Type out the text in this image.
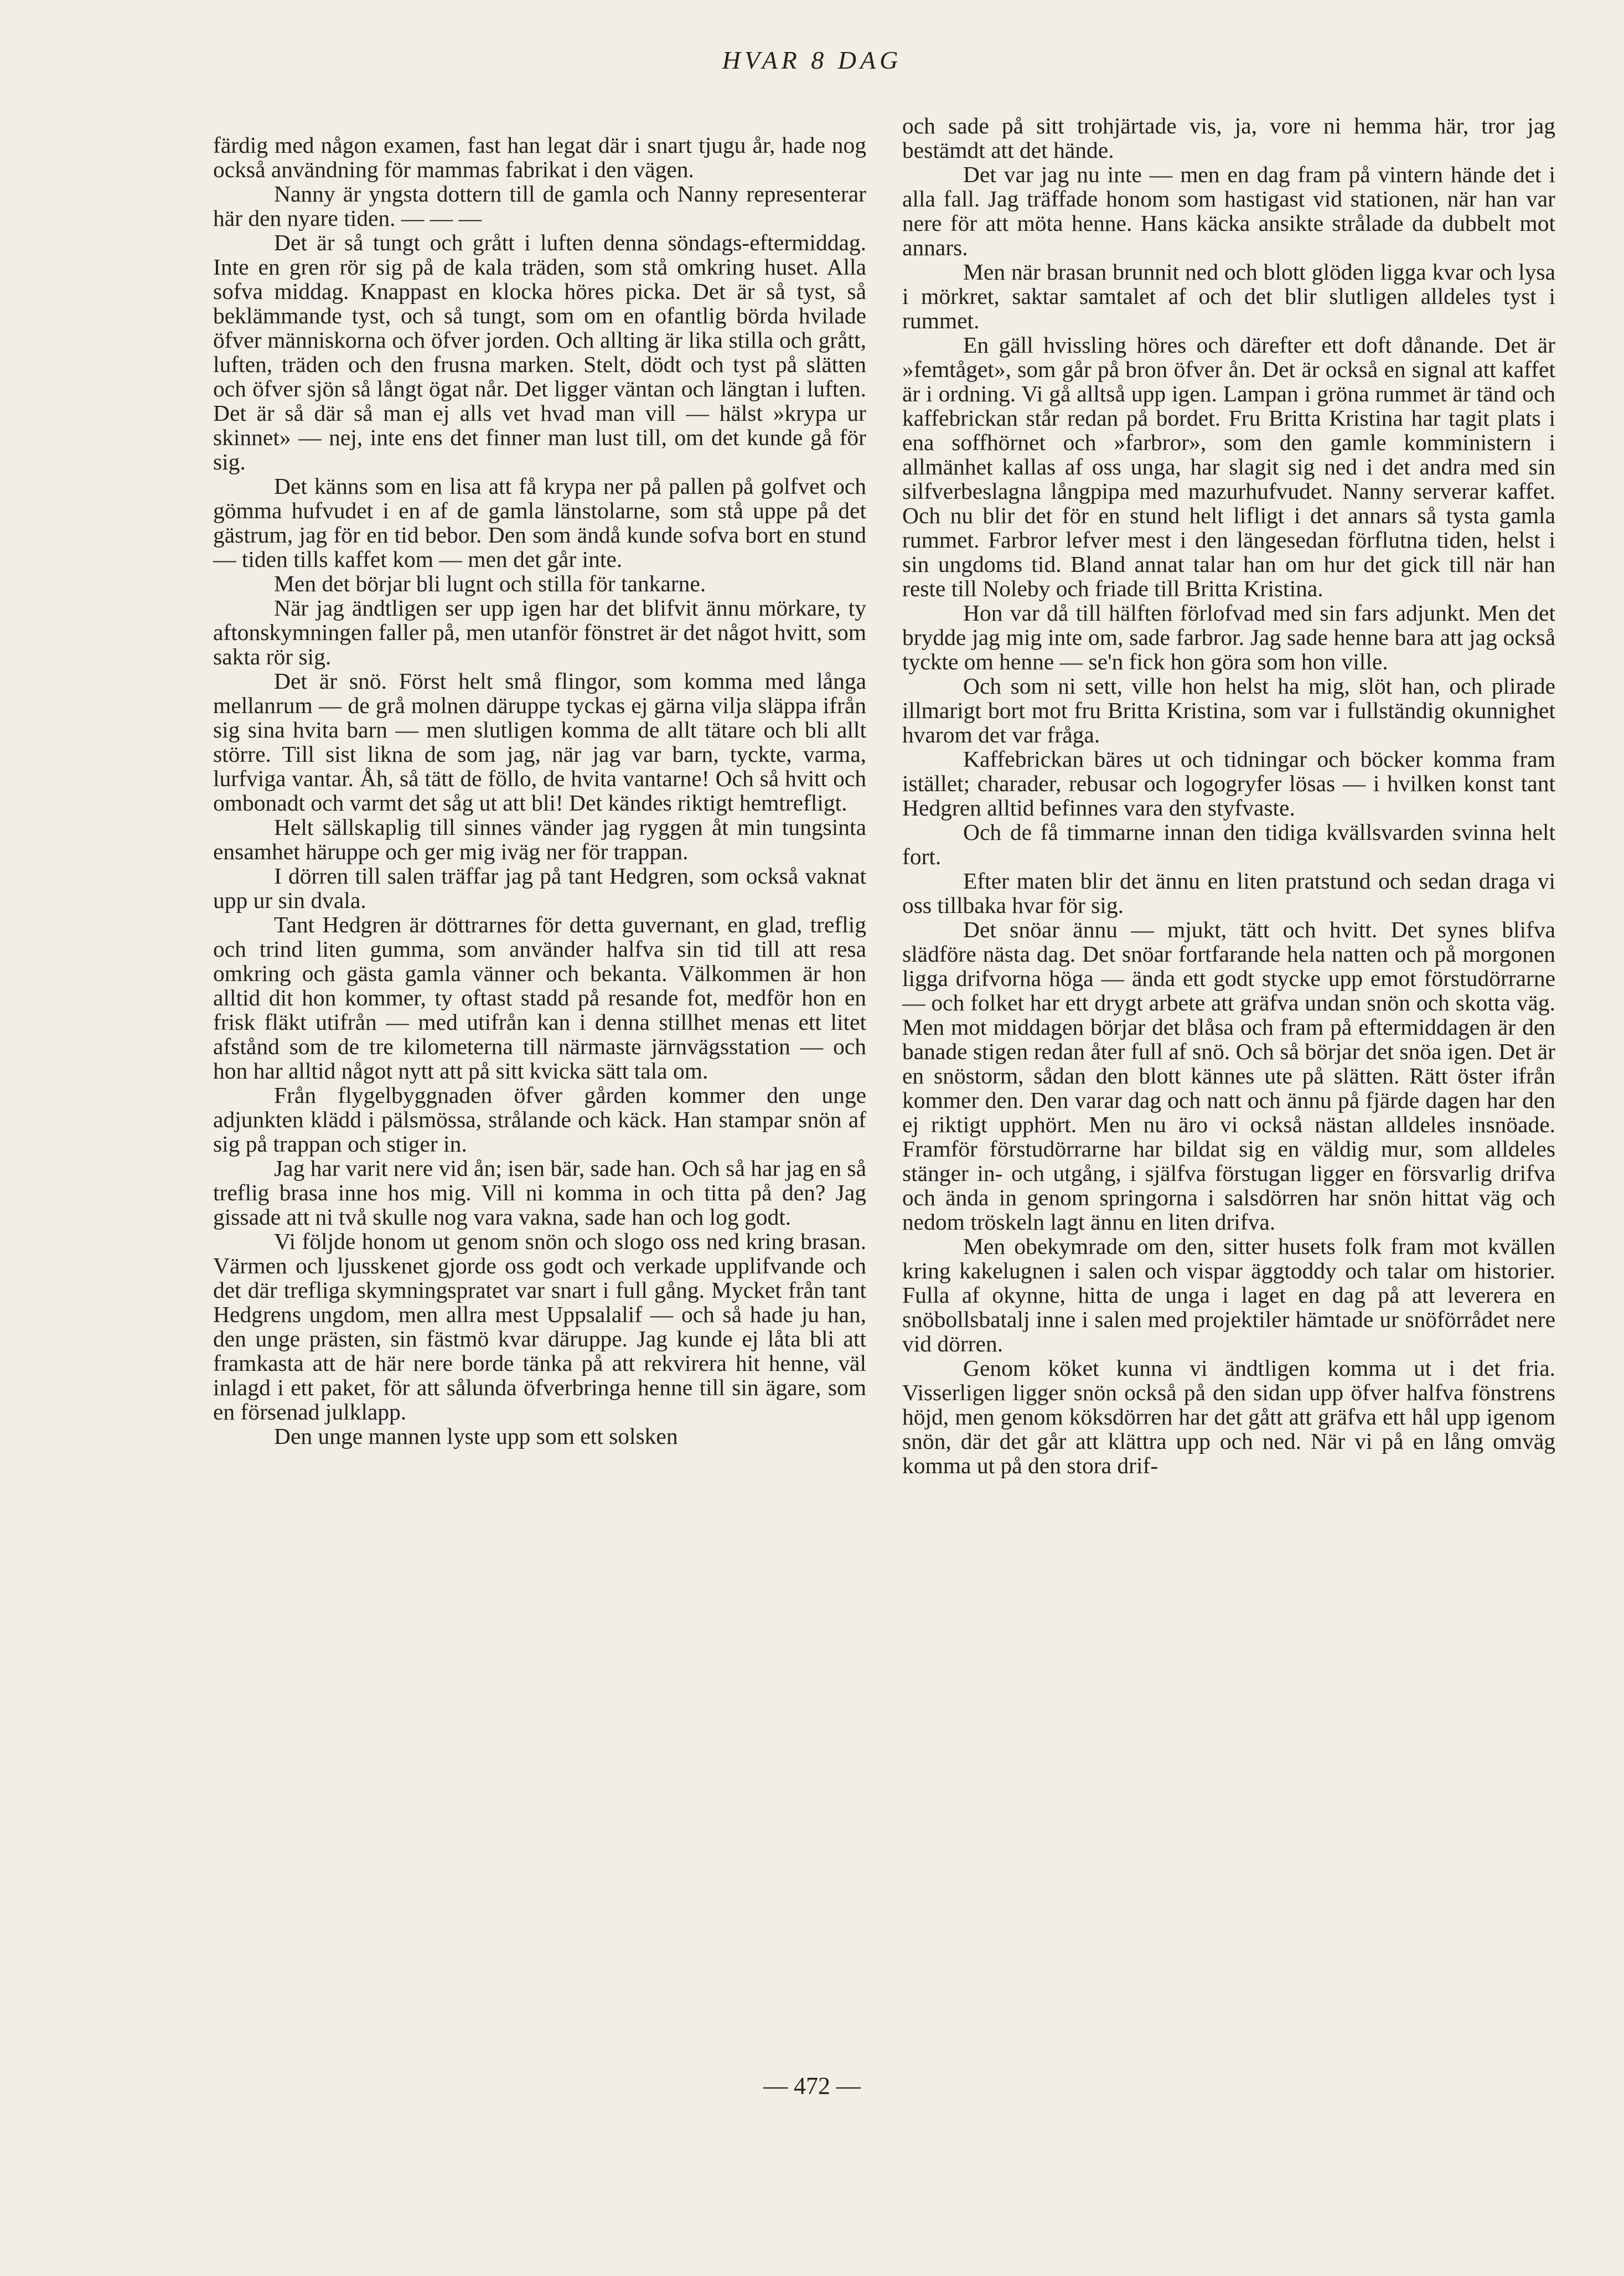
HVAR 8 DAG

färdig med någon examen, fast han legat där i snart tjugu år, hade nog också användning för mammas fabrikat i den vägen.

Nanny är yngsta dottern till de gamla och Nanny representerar här den nyare tiden. — — —

Det är så tungt och grått i luften denna söndags-eftermiddag. Inte en gren rör sig på de kala träden, som stå omkring huset. Alla sofva middag. Knappast en klocka höres picka. Det är så tyst, så beklämmande tyst, och så tungt, som om en ofantlig börda hvilade öfver människorna och öfver jorden. Och allting är lika stilla och grått, luften, träden och den frusna marken. Stelt, dödt och tyst på slätten och öfver sjön så långt ögat når. Det ligger väntan och längtan i luften. Det är så där så man ej alls vet hvad man vill — hälst »krypa ur skinnet» — nej, inte ens det finner man lust till, om det kunde gå för sig.

Det känns som en lisa att få krypa ner på pallen på golfvet och gömma hufvudet i en af de gamla länstolarne, som stå uppe på det gästrum, jag för en tid bebor. Den som ändå kunde sofva bort en stund — tiden tills kaffet kom — men det går inte.

Men det börjar bli lugnt och stilla för tankarne.

När jag ändtligen ser upp igen har det blifvit ännu mörkare, ty aftonskymningen faller på, men utanför fönstret är det något hvitt, som sakta rör sig.

Det är snö. Först helt små flingor, som komma med långa mellanrum — de grå molnen däruppe tyckas ej gärna vilja släppa ifrån sig sina hvita barn — men slutligen komma de allt tätare och bli allt större. Till sist likna de som jag, när jag var barn, tyckte, varma, lurfviga vantar. Åh, så tätt de föllo, de hvita vantarne! Och så hvitt och ombonadt och varmt det såg ut att bli! Det kändes riktigt hemtrefligt.

Helt sällskaplig till sinnes vänder jag ryggen åt min tungsinta ensamhet häruppe och ger mig iväg ner för trappan.

I dörren till salen träffar jag på tant Hedgren, som också vaknat upp ur sin dvala.

Tant Hedgren är döttrarnes för detta guvernant, en glad, treflig och trind liten gumma, som använder halfva sin tid till att resa omkring och gästa gamla vänner och bekanta. Välkommen är hon alltid dit hon kommer, ty oftast stadd på resande fot, medför hon en frisk fläkt utifrån — med utifrån kan i denna stillhet menas ett litet afstånd som de tre kilometerna till närmaste järnvägsstation — och hon har alltid något nytt att på sitt kvicka sätt tala om.

Från flygelbyggnaden öfver gården kommer den unge adjunkten klädd i pälsmössa, strålande och käck. Han stampar snön af sig på trappan och stiger in.

Jag har varit nere vid ån; isen bär, sade han. Och så har jag en så treflig brasa inne hos mig. Vill ni komma in och titta på den? Jag gissade att ni två skulle nog vara vakna, sade han och log godt.

Vi följde honom ut genom snön och slogo oss ned kring brasan. Värmen och ljusskenet gjorde oss godt och verkade upplifvande och det där trefliga skymningspratet var snart i full gång. Mycket från tant Hedgrens ungdom, men allra mest Uppsalalif — och så hade ju han, den unge prästen, sin fästmö kvar däruppe. Jag kunde ej låta bli att framkasta att de här nere borde tänka på att rekvirera hit henne, väl inlagd i ett paket, för att sålunda öfverbringa henne till sin ägare, som en försenad julklapp.

Den unge mannen lyste upp som ett solsken

och sade på sitt trohjärtade vis, ja, vore ni hemma här, tror jag bestämdt att det hände.

Det var jag nu inte — men en dag fram på vintern hände det i alla fall. Jag träffade honom som hastigast vid stationen, när han var nere för att möta henne. Hans käcka ansikte strålade da dubbelt mot annars.

Men när brasan brunnit ned och blott glöden ligga kvar och lysa i mörkret, saktar samtalet af och det blir slutligen alldeles tyst i rummet.

En gäll hvissling höres och därefter ett doft dånande. Det är »femtåget», som går på bron öfver ån. Det är också en signal att kaffet är i ordning. Vi gå alltså upp igen. Lampan i gröna rummet är tänd och kaffebrickan står redan på bordet. Fru Britta Kristina har tagit plats i ena soffhörnet och »farbror», som den gamle komministern i allmänhet kallas af oss unga, har slagit sig ned i det andra med sin silfverbeslagna långpipa med mazurhufvudet. Nanny serverar kaffet. Och nu blir det för en stund helt lifligt i det annars så tysta gamla rummet. Farbror lefver mest i den längesedan förflutna tiden, helst i sin ungdoms tid. Bland annat talar han om hur det gick till när han reste till Noleby och friade till Britta Kristina.

Hon var då till hälften förlofvad med sin fars adjunkt. Men det brydde jag mig inte om, sade farbror. Jag sade henne bara att jag också tyckte om henne — se'n fick hon göra som hon ville.

Och som ni sett, ville hon helst ha mig, slöt han, och plirade illmarigt bort mot fru Britta Kristina, som var i fullständig okunnighet hvarom det var fråga.

Kaffebrickan bäres ut och tidningar och böcker komma fram istället; charader, rebusar och logogryfer lösas — i hvilken konst tant Hedgren alltid befinnes vara den styfvaste.

Och de få timmarne innan den tidiga kvällsvarden svinna helt fort.

Efter maten blir det ännu en liten pratstund och sedan draga vi oss tillbaka hvar för sig.

Det snöar ännu — mjukt, tätt och hvitt. Det synes blifva slädföre nästa dag. Det snöar fortfarande hela natten och på morgonen ligga drifvorna höga — ända ett godt stycke upp emot förstudörrarne — och folket har ett drygt arbete att gräfva undan snön och skotta väg. Men mot middagen börjar det blåsa och fram på eftermiddagen är den banade stigen redan åter full af snö. Och så börjar det snöa igen. Det är en snöstorm, sådan den blott kännes ute på slätten. Rätt öster ifrån kommer den. Den varar dag och natt och ännu på fjärde dagen har den ej riktigt upphört. Men nu äro vi också nästan alldeles insnöade. Framför förstudörrarne har bildat sig en väldig mur, som alldeles stänger in- och utgång, i själfva förstugan ligger en försvarlig drifva och ända in genom springorna i salsdörren har snön hittat väg och nedom tröskeln lagt ännu en liten drifva.

Men obekymrade om den, sitter husets folk fram mot kvällen kring kakelugnen i salen och vispar äggtoddy och talar om historier. Fulla af okynne, hitta de unga i laget en dag på att leverera en snöbollsbatalj inne i salen med projektiler hämtade ur snöförrådet nere vid dörren.

Genom köket kunna vi ändtligen komma ut i det fria. Visserligen ligger snön också på den sidan upp öfver halfva fönstrens höjd, men genom köksdörren har det gått att gräfva ett hål upp igenom snön, där det går att klättra upp och ned. När vi på en lång omväg komma ut på den stora drif-

— 472 —
